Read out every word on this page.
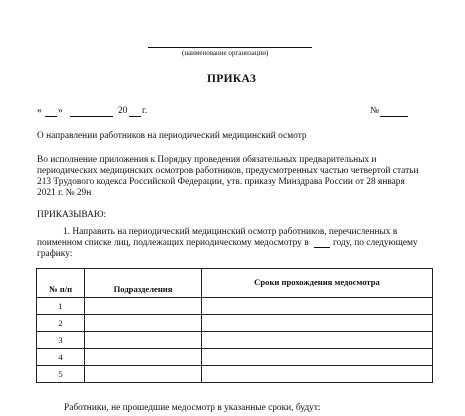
(наименование организации)
ПРИКАЗ
« »	20 г.	№
О направлении работников на периодический медицинский осмотр
Во исполнение приложения к Порядку проведения обязательных предварительных и
периодических медицинских осмотров работников, предусмотренных частью четвертой статьи
213 Трудового кодекса Российской Федерации, утв. приказу Минздрава России от 28 января
2021 г. № 29н
ПРИКАЗЫВАЮ:
1. Направить на периодический медицинский осмотр работников, перечисленных в
поименном списке лиц, подлежащих периодическому медосмотру в	году, по следующему
графику:
№ п/п	Подразделения	Сроки прохождения медосмотра
1		
2		
3		
4		
5		
Работники, не прошедшие медосмотр в указанные сроки, будут:
